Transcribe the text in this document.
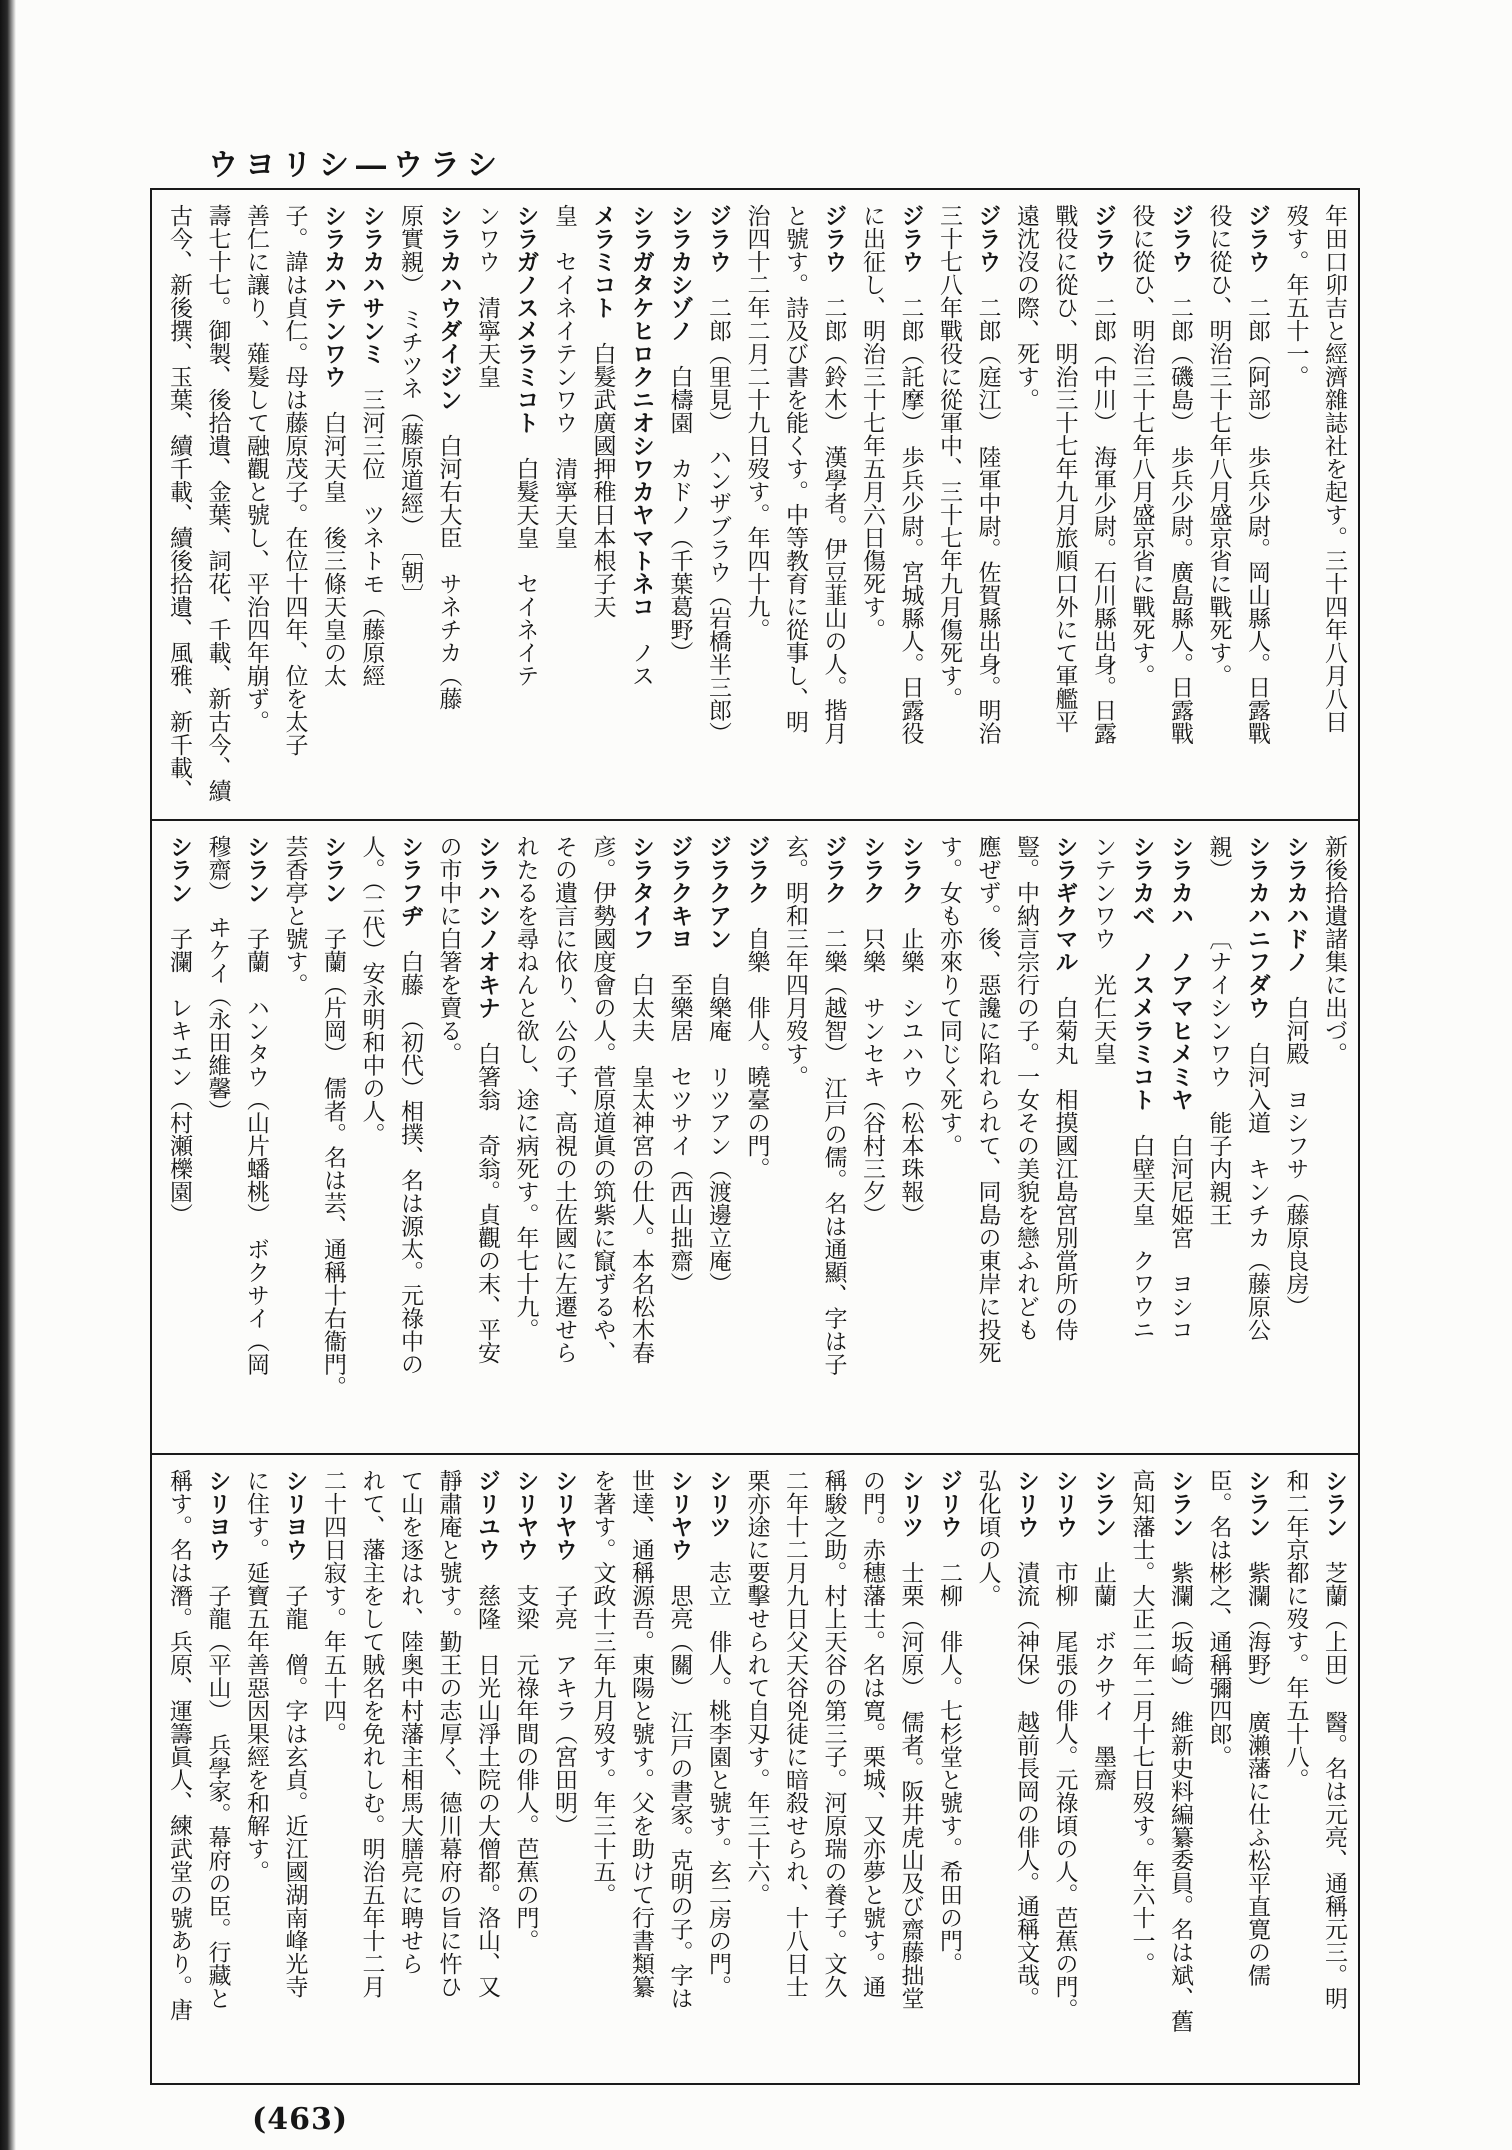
ウヨリシ―ウラシ
年田口卯吉と經濟雜誌社を起す。三十四年八月八日
歿す。年五十一。
ジラウ　二郎（阿部）　歩兵少尉。岡山縣人。日露戰
役に從ひ、明治三十七年八月盛京省に戰死す。
ジラウ　二郎（磯島）　歩兵少尉。廣島縣人。日露戰
役に從ひ、明治三十七年八月盛京省に戰死す。
ジラウ　二郎（中川）　海軍少尉。石川縣出身。日露
戰役に從ひ、明治三十七年九月旅順口外にて軍艦平
遠沈沒の際、死す。
ジラウ　二郎（庭江）　陸軍中尉。佐賀縣出身。明治
三十七八年戰役に從軍中、三十七年九月傷死す。
ジラウ　二郎（託摩）　歩兵少尉。宮城縣人。日露役
に出征し、明治三十七年五月六日傷死す。
ジラウ　二郎（鈴木）　漢學者。伊豆韮山の人。揩月
と號す。詩及び書を能くす。中等教育に從事し、明
治四十二年二月二十九日歿す。年四十九。
ジラウ　二郎（里見）　ハンザブラウ（岩橋半三郎）
シラカシゾノ　白檮園　カドノ（千葉葛野）
シラガタケヒロクニオシワカヤマトネコ　ノス
メラミコト　白髮武廣國押稚日本根子天
皇　セイネイテンワウ　清寧天皇
シラガノスメラミコト　白髮天皇　セイネイテ
ンワウ　清寧天皇
シラカハウダイジン　白河右大臣　サネチカ（藤
原實親）　ミチツネ（藤原道經）　〔朝〕
シラカハサンミ　三河三位　ツネトモ（藤原經
シラカハテンワウ　白河天皇　後三條天皇の太
子。諱は貞仁。母は藤原茂子。在位十四年、位を太子
善仁に讓り、薙髮して融觀と號し、平治四年崩ず。
壽七十七。御製、後拾遺、金葉、詞花、千載、新古今、續
古今、新後撰、玉葉、續千載、續後拾遺、風雅、新千載、
新後拾遺諸集に出づ。
シラカハドノ　白河殿　ヨシフサ（藤原良房）
シラカハニフダウ　白河入道　キンチカ（藤原公
親）　　　〔ナイシンワウ　能子内親王
シラカハ　ノアマヒメミヤ　白河尼姫宮　ヨシコ
シラカベ　ノスメラミコト　白壁天皇　クワウニ
ンテンワウ　光仁天皇
シラギクマル　白菊丸　相摸國江島宮別當所の侍
豎。中納言宗行の子。一女その美貌を戀ふれども
應ぜず。後、惡讒に陷れられて、同島の東岸に投死
す。女も亦來りて同じく死す。
シラク　止樂　シユハウ（松本珠報）
シラク　只樂　サンセキ（谷村三夕）
ジラク　二樂（越智）　江戸の儒。名は通顯、字は子
玄。明和三年四月歿す。
ジラク　自樂　俳人。曉臺の門。
ジラクアン　自樂庵　リツアン（渡邊立庵）
ジラクキヨ　至樂居　セツサイ（西山拙齋）
シラタイフ　白太夫　皇太神宮の仕人。本名松木春
彦。伊勢國度會の人。菅原道眞の筑紫に竄ずるや、
その遺言に依り、公の子、高視の土佐國に左遷せら
れたるを尋ねんと欲し、途に病死す。年七十九。
シラハシノオキナ　白箸翁　奇翁。貞觀の末、平安
の市中に白箸を賣る。
シラフヂ　白藤　（初代）相撲、名は源太。元祿中の
人。（二代）安永明和中の人。
シラン　子蘭（片岡）　儒者。名は芸、通稱十右衞門。
芸香亭と號す。
シラン　子蘭　ハンタウ（山片蟠桃）　ボクサイ（岡
穆齋）　ヰケイ（永田維馨）
シラン　子瀾　レキエン（村瀬櫟園）
シラン　芝蘭（上田）　醫。名は元亮、通稱元三。明
和二年京都に歿す。年五十八。
シラン　紫瀾（海野）　廣瀨藩に仕ふ松平直寛の儒
臣。名は彬之、通稱彌四郎。
シラン　紫瀾（坂崎）　維新史料編纂委員。名は斌、舊
高知藩士。大正二年二月十七日歿す。年六十一。
シラン　止蘭　ボクサイ　墨齋
シリウ　市柳　尾張の俳人。元祿頃の人。芭蕉の門。
シリウ　漬流（神保）　越前長岡の俳人。通稱文哉。
弘化頃の人。
ジリウ　二柳　俳人。七杉堂と號す。希田の門。
シリツ　士栗（河原）　儒者。阪井虎山及び齋藤拙堂
の門。赤穗藩士。名は寛。栗城、又亦夢と號す。通
稱駿之助。村上天谷の第三子。河原瑞の養子。文久
二年十二月九日父天谷兇徒に暗殺せられ、十八日士
栗亦途に要擊せられて自刄す。年三十六。
シリツ　志立　俳人。桃李園と號す。玄二房の門。
シリヤウ　思亮（關）　江戸の書家。克明の子。字は
世達、通稱源吾。東陽と號す。父を助けて行書類纂
を著す。文政十三年九月歿す。年三十五。
シリヤウ　子亮　アキラ（宮田明）
シリヤウ　支梁　元祿年間の俳人。芭蕉の門。
ジリユウ　慈隆　日光山淨土院の大僧都。洛山、又
靜肅庵と號す。勤王の志厚く、德川幕府の旨に忤ひ
て山を逐はれ、陸奥中村藩主相馬大膳亮に聘せら
れて、藩主をして賊名を免れしむ。明治五年十二月
二十四日寂す。年五十四。
シリヨウ　子龍　僧。字は玄貞。近江國湖南峰光寺
に住す。延寶五年善惡因果經を和解す。
シリヨウ　子龍（平山）　兵學家。幕府の臣。行藏と
稱す。名は潛。兵原、運籌眞人、練武堂の號あり。唐
(463)
